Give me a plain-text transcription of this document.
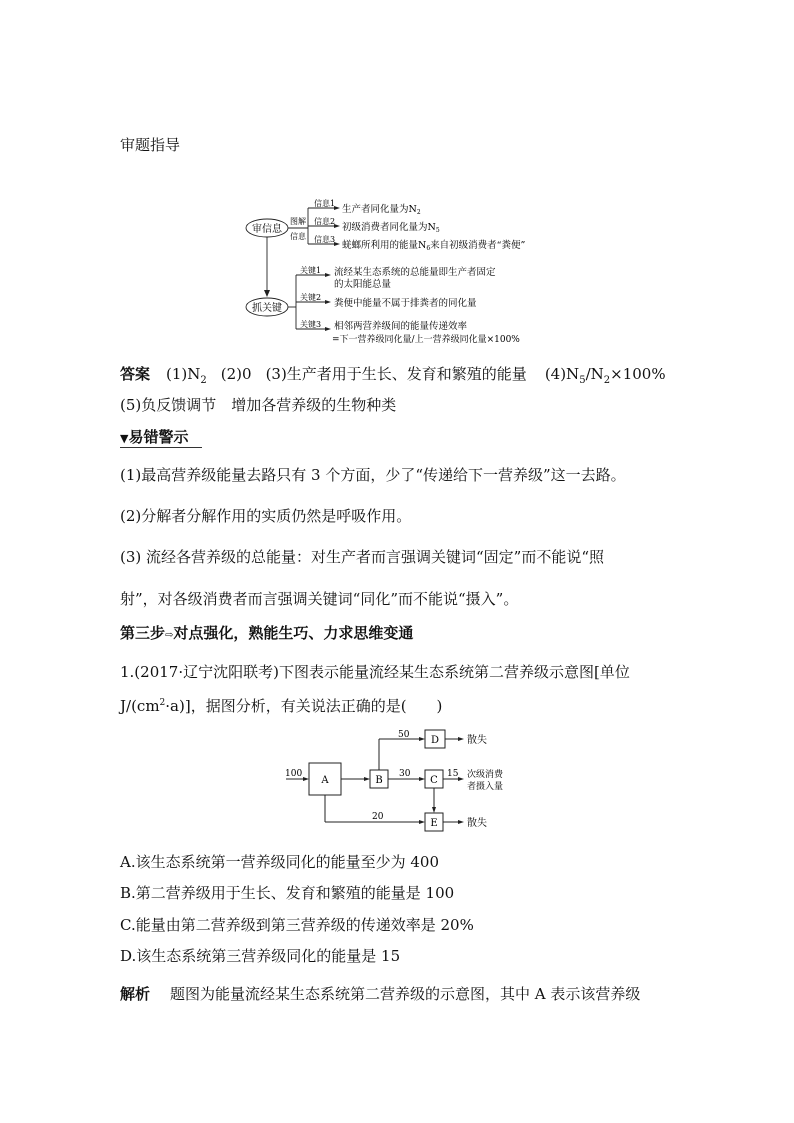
审题指导
审信息
抓关键
图解
信息
信息1
信息2
信息3
生产者同化量为$N_2$
初级消费者同化量为$N_5$
蜣螂所利用的能量$N_6$来自初级消费者“粪便”
关键1
关键2
关键3
流经某生态系统的总能量即生产者固定
的太阳能总量
粪便中能量不属于排粪者的同化量
相邻两营养级间的能量传递效率
=下一营养级同化量/上一营养级同化量×100%
答案 $(1)N_2$ (2)0 (3)生产者用于生长、发育和繁殖的能量 $(4)N_5/N_2\times 100\%$
(5)负反馈调节　增加各营养级的生物种类
▼易错警示
(1)最高营养级能量去路只有 3 个方面，少了“传递给下一营养级”这一去路。
(2)分解者分解作用的实质仍然是呼吸作用。
(3) 流经各营养级的总能量：对生产者而言强调关键词“固定”而不能说“照
射”，对各级消费者而言强调关键词“同化”而不能说“摄入”。
第三步⇨对点强化，熟能生巧、力求思维变通
1.(2017·辽宁沈阳联考)下图表示能量流经某生态系统第二营养级示意图[单位
$J/(cm^2\cdot a)$]，据图分析，有关说法正确的是(　　)
A	B	C
D
E
100
50
30	15
20
散失
散失
次级消费
者摄入量
A.该生态系统第一营养级同化的能量至少为 400
B.第二营养级用于生长、发育和繁殖的能量是 100
C.能量由第二营养级到第三营养级的传递效率是 20%
D.该生态系统第三营养级同化的能量是 15
解析 题图为能量流经某生态系统第二营养级的示意图，其中 A 表示该营养级
